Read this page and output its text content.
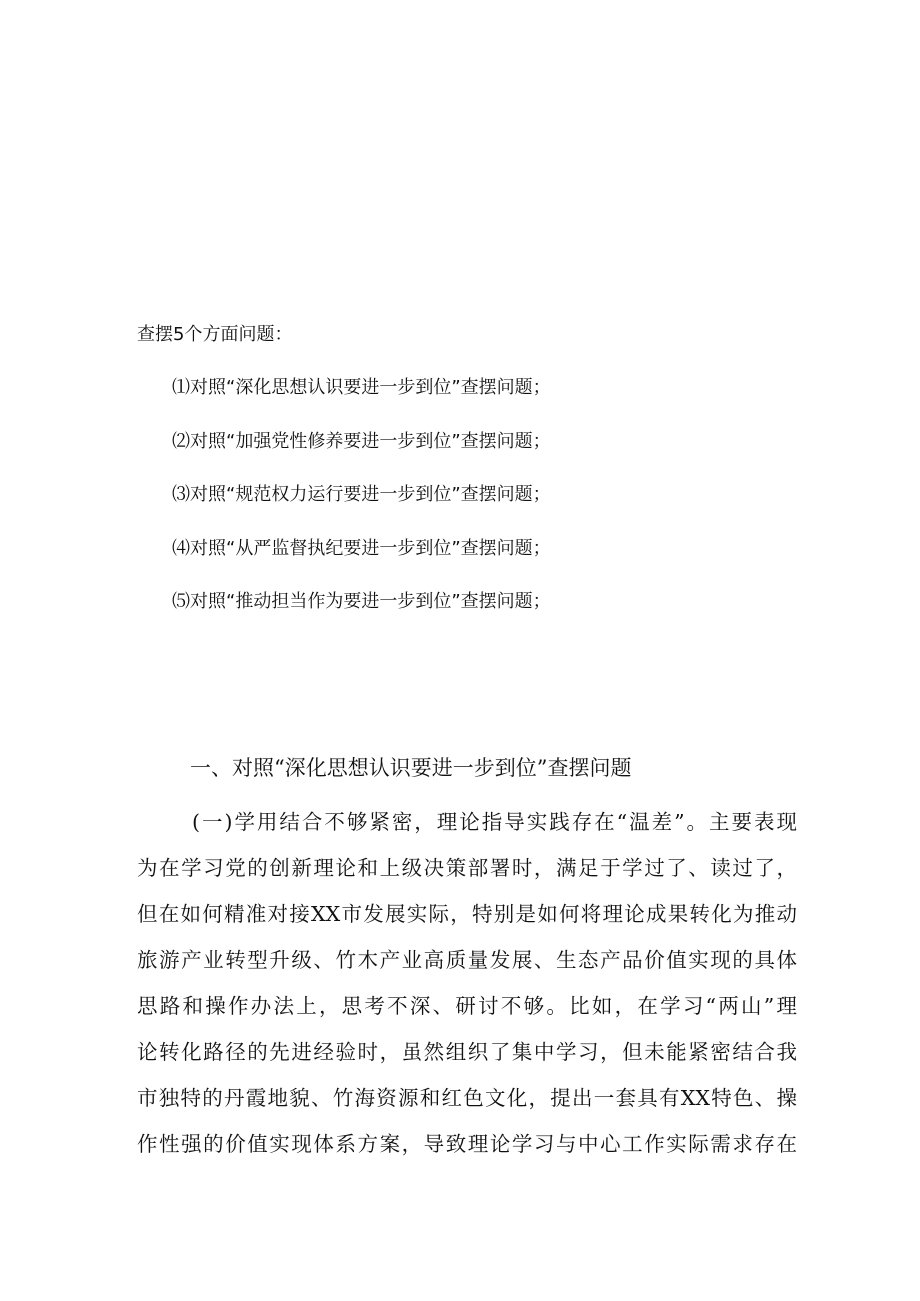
查摆5个方面问题：
⑴对照“深化思想认识要进一步到位”查摆问题；
⑵对照“加强党性修养要进一步到位”查摆问题；
⑶对照“规范权力运行要进一步到位”查摆问题；
⑷对照“从严监督执纪要进一步到位”查摆问题；
⑸对照“推动担当作为要进一步到位”查摆问题；
一、对照“深化思想认识要进一步到位”查摆问题
(一)学用结合不够紧密，理论指导实践存在“温差”。主要表现
为在学习党的创新理论和上级决策部署时，满足于学过了、读过了，
但在如何精准对接XX市发展实际，特别是如何将理论成果转化为推动
旅游产业转型升级、竹木产业高质量发展、生态产品价值实现的具体
思路和操作办法上，思考不深、研讨不够。比如，在学习“两山”理
论转化路径的先进经验时，虽然组织了集中学习，但未能紧密结合我
市独特的丹霞地貌、竹海资源和红色文化，提出一套具有XX特色、操
作性强的价值实现体系方案，导致理论学习与中心工作实际需求存在
